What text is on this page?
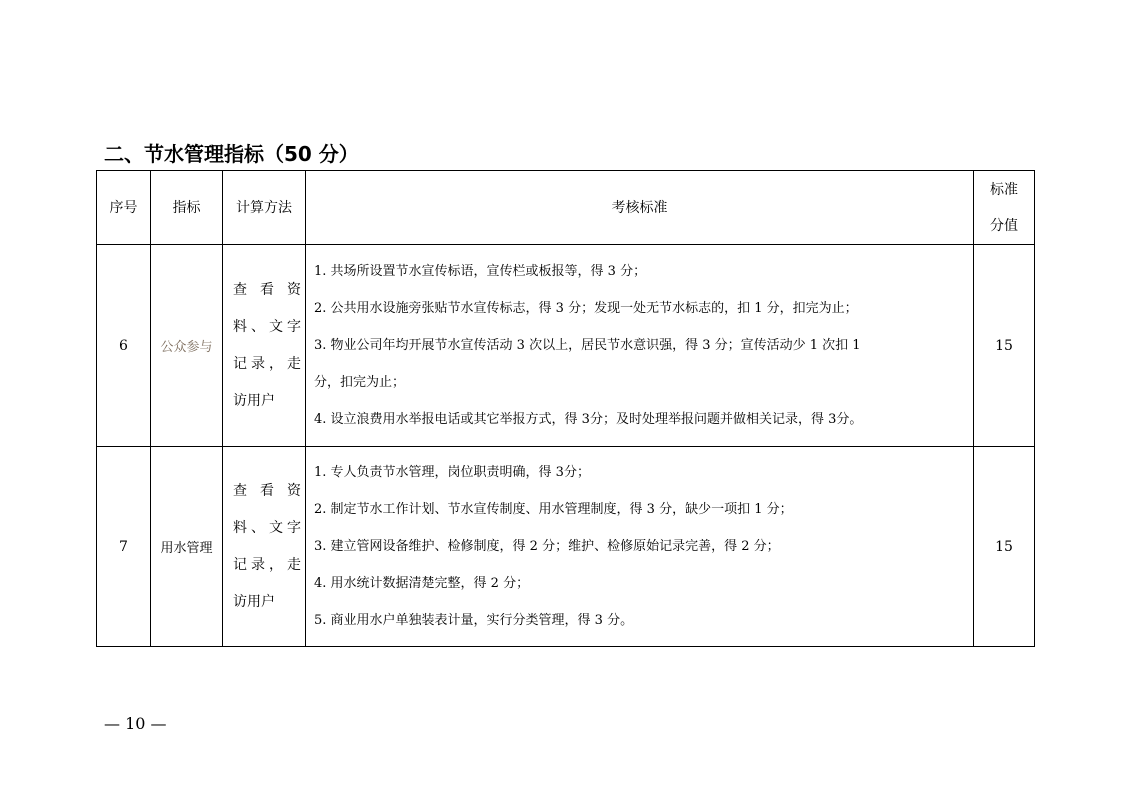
二、节水管理指标（50 分）
序号	指标	计算方法	考核标准	标准
分值

6	公众参与	查看资料、文字记录，走访用户	1. 共场所设置节水宣传标语，宣传栏或板报等，得 3 分；
2. 公共用水设施旁张贴节水宣传标志，得 3 分；发现一处无节水标志的，扣 1 分，扣完为止；
3. 物业公司年均开展节水宣传活动 3 次以上，居民节水意识强，得 3 分；宣传活动少 1 次扣 1
分，扣完为止；
4. 设立浪费用水举报电话或其它举报方式，得 3分；及时处理举报问题并做相关记录，得 3分。	15
7	用水管理	查看资料、文字记录，走访用户	1. 专人负责节水管理，岗位职责明确，得 3分；
2. 制定节水工作计划、节水宣传制度、用水管理制度，得 3 分，缺少一项扣 1 分；
3. 建立管网设备维护、检修制度，得 2 分；维护、检修原始记录完善，得 2 分；
4. 用水统计数据清楚完整，得 2 分；
5. 商业用水户单独装表计量，实行分类管理，得 3 分。	15
— 10 —
